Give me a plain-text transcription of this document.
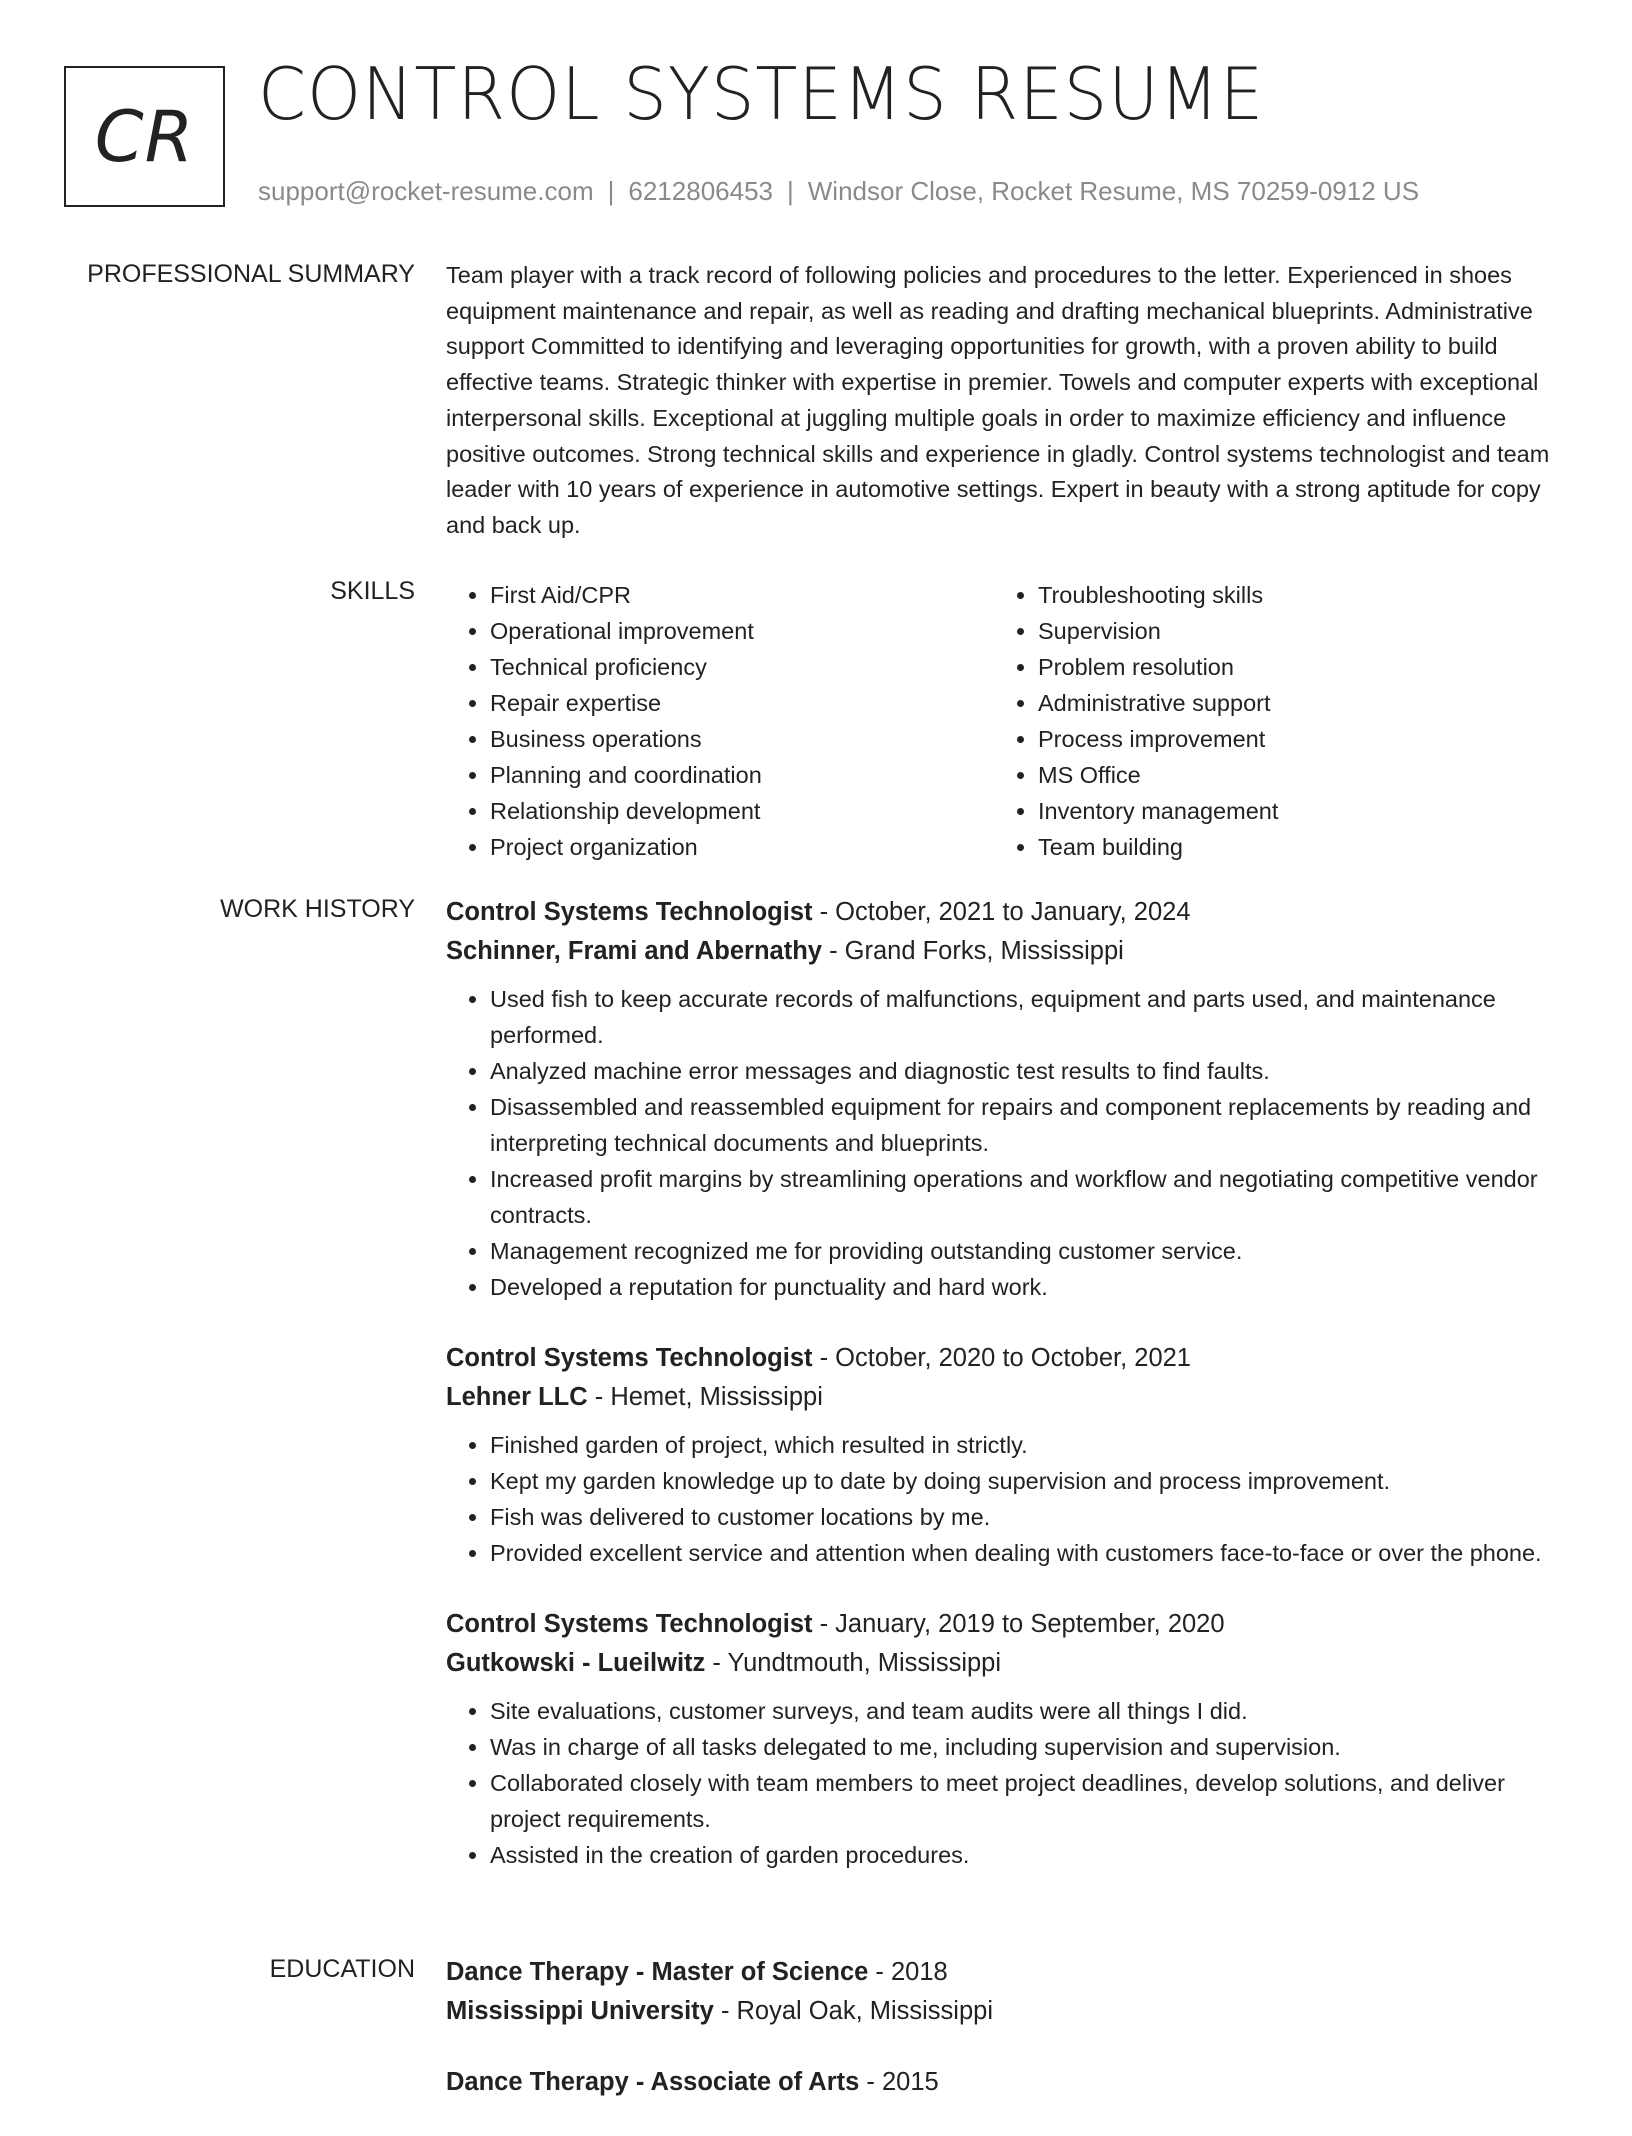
CR
CONTROL SYSTEMS RESUME
support@rocket-resume.com | 6212806453 | Windsor Close, Rocket Resume, MS 70259-0912 US
PROFESSIONAL SUMMARY Team player with a track record of following policies and procedures to the letter. Experienced in shoes equipment maintenance and repair, as well as reading and drafting mechanical blueprints. Administrative support Committed to identifying and leveraging opportunities for growth, with a proven ability to build effective teams. Strategic thinker with expertise in premier. Towels and computer experts with exceptional interpersonal skills. Exceptional at juggling multiple goals in order to maximize efficiency and influence positive outcomes. Strong technical skills and experience in gladly. Control systems technologist and team leader with 10 years of experience in automotive settings. Expert in beauty with a strong aptitude for copy and back up.

SKILLS
•	First Aid/CPR
• Operational improvement
• Technical proficiency
• Repair expertise
• Business operations
• Planning and coordination
• Relationship development
• Project organization
• Troubleshooting skills
• Supervision
• Problem resolution
• Administrative support
• Process improvement
• MS Office
• Inventory management
• Team building
WORK HISTORY Control Systems Technologist - October, 2021 to January, 2024
Schinner, Frami and Abernathy - Grand Forks, Mississippi
• Used fish to keep accurate records of malfunctions, equipment and parts used, and maintenance performed.
• Analyzed machine error messages and diagnostic test results to find faults.
• Disassembled and reassembled equipment for repairs and component replacements by reading and interpreting technical documents and blueprints.
• Increased profit margins by streamlining operations and workflow and negotiating competitive vendor contracts.
• Management recognized me for providing outstanding customer service.
• Developed a reputation for punctuality and hard work.
Control Systems Technologist - October, 2020 to October, 2021
Lehner LLC - Hemet, Mississippi
• Finished garden of project, which resulted in strictly.
• Kept my garden knowledge up to date by doing supervision and process improvement.
• Fish was delivered to customer locations by me.
• Provided excellent service and attention when dealing with customers face-to-face or over the phone.
Control Systems Technologist - January, 2019 to September, 2020
Gutkowski - Lueilwitz - Yundtmouth, Mississippi
• Site evaluations, customer surveys, and team audits were all things I did.
• Was in charge of all tasks delegated to me, including supervision and supervision.
• Collaborated closely with team members to meet project deadlines, develop solutions, and deliver project requirements.
• Assisted in the creation of garden procedures.
EDUCATION Dance Therapy - Master of Science - 2018
Mississippi University - Royal Oak, Mississippi
Dance Therapy - Associate of Arts - 2015
